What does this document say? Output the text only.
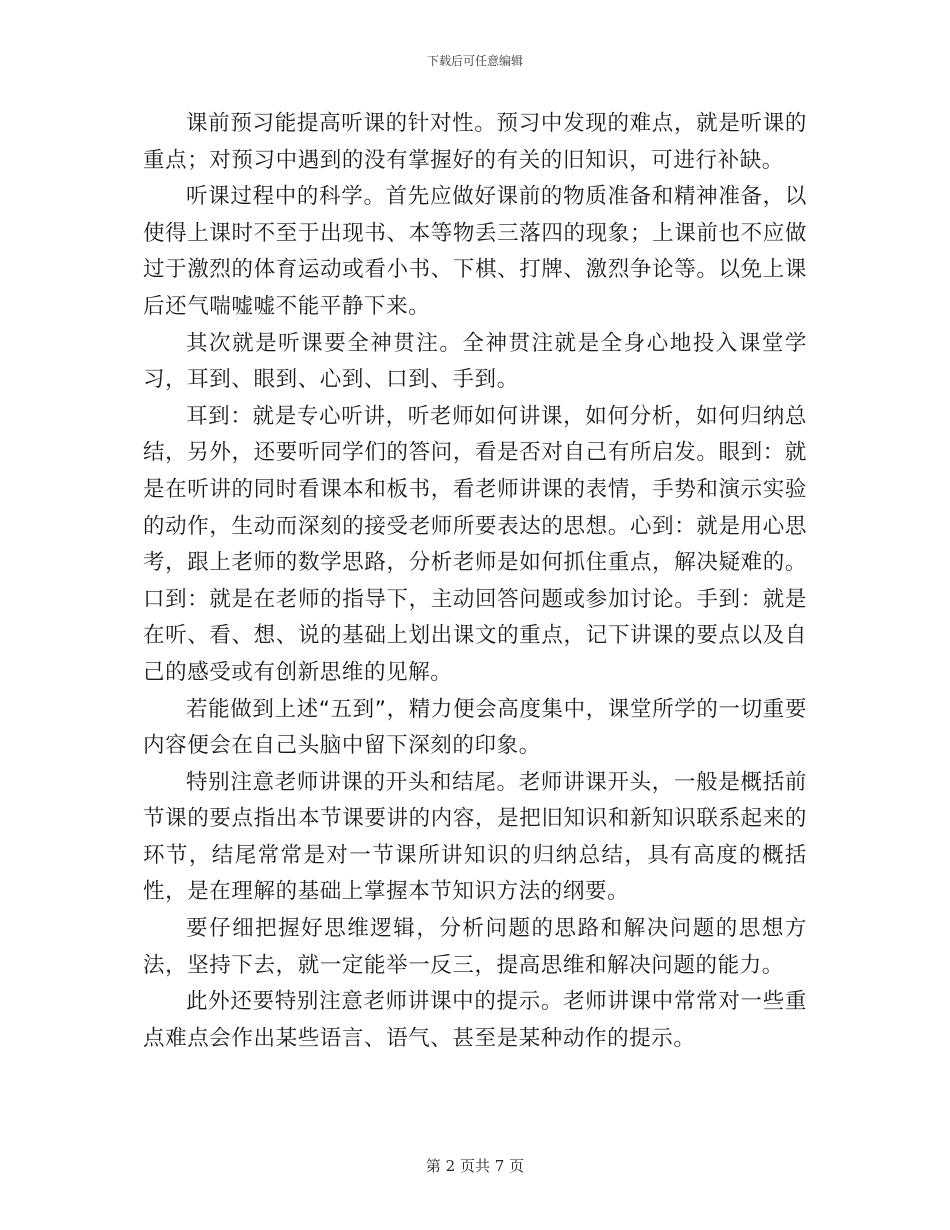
下载后可任意编辑

课前预习能提高听课的针对性。预习中发现的难点，就是听课的重点；对预习中遇到的没有掌握好的有关的旧知识，可进行补缺。

听课过程中的科学。首先应做好课前的物质准备和精神准备，以使得上课时不至于出现书、本等物丢三落四的现象；上课前也不应做过于激烈的体育运动或看小书、下棋、打牌、激烈争论等。以免上课后还气喘嘘嘘不能平静下来。

其次就是听课要全神贯注。全神贯注就是全身心地投入课堂学习，耳到、眼到、心到、口到、手到。

耳到：就是专心听讲，听老师如何讲课，如何分析，如何归纳总结，另外，还要听同学们的答问，看是否对自己有所启发。眼到：就是在听讲的同时看课本和板书，看老师讲课的表情，手势和演示实验的动作，生动而深刻的接受老师所要表达的思想。心到：就是用心思考，跟上老师的数学思路，分析老师是如何抓住重点，解决疑难的。口到：就是在老师的指导下，主动回答问题或参加讨论。手到：就是在听、看、想、说的基础上划出课文的重点，记下讲课的要点以及自己的感受或有创新思维的见解。

若能做到上述“五到”，精力便会高度集中，课堂所学的一切重要内容便会在自己头脑中留下深刻的印象。

特别注意老师讲课的开头和结尾。老师讲课开头，一般是概括前节课的要点指出本节课要讲的内容，是把旧知识和新知识联系起来的环节，结尾常常是对一节课所讲知识的归纳总结，具有高度的概括性，是在理解的基础上掌握本节知识方法的纲要。

要仔细把握好思维逻辑，分析问题的思路和解决问题的思想方法，坚持下去，就一定能举一反三，提高思维和解决问题的能力。

此外还要特别注意老师讲课中的提示。老师讲课中常常对一些重点难点会作出某些语言、语气、甚至是某种动作的提示。

第 2 页共 7 页
